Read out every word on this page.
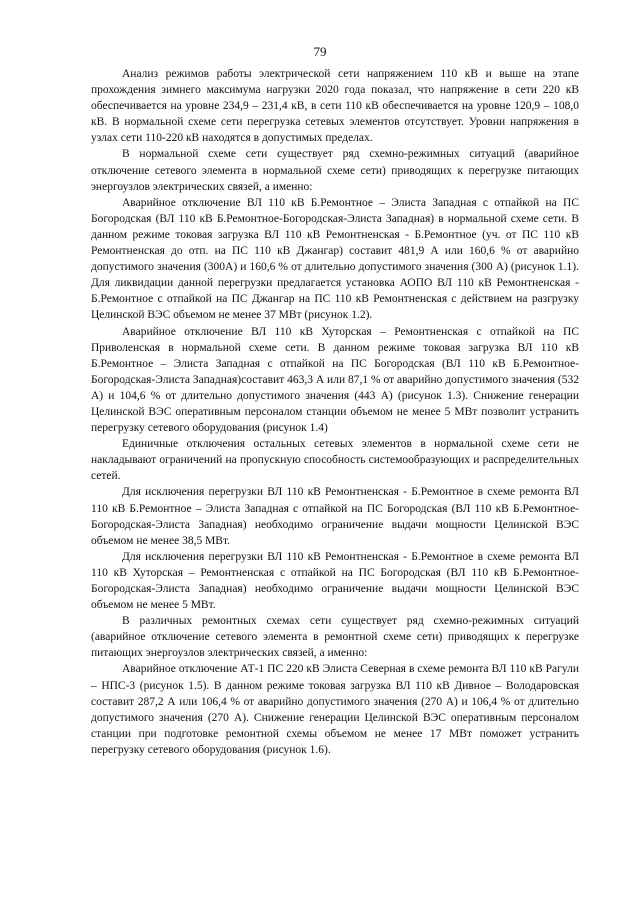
79

Анализ режимов работы электрической сети напряжением 110 кВ и выше на этапе прохождения зимнего максимума нагрузки 2020 года показал, что напряжение в сети 220 кВ обеспечивается на уровне 234,9 – 231,4 кВ, в сети 110 кВ обеспечивается на уровне 120,9 – 108,0 кВ. В нормальной схеме сети перегрузка сетевых элементов отсутствует. Уровни напряжения в узлах сети 110-220 кВ находятся в допустимых пределах.

В нормальной схеме сети существует ряд схемно-режимных ситуаций (аварийное отключение сетевого элемента в нормальной схеме сети) приводящих к перегрузке питающих энергоузлов электрических связей, а именно:

Аварийное отключение ВЛ 110 кВ Б.Ремонтное – Элиста Западная с отпайкой на ПС Богородская (ВЛ 110 кВ Б.Ремонтное-Богородская-Элиста Западная) в нормальной схеме сети. В данном режиме токовая загрузка ВЛ 110 кВ Ремонтненская - Б.Ремонтное (уч. от ПС 110 кВ Ремонтненская до отп. на ПС 110 кВ Джангар) составит 481,9 А или 160,6 % от аварийно допустимого значения (300А) и 160,6 % от длительно допустимого значения (300 А) (рисунок 1.1). Для ликвидации данной перегрузки предлагается установка АОПО ВЛ 110 кВ Ремонтненская - Б.Ремонтное с отпайкой на ПС Джангар на ПС 110 кВ Ремонтненская с действием на разгрузку Целинской ВЭС объемом не менее 37 МВт (рисунок 1.2).

Аварийное отключение ВЛ 110 кВ Хуторская – Ремонтненская с отпайкой на ПС Приволенская в нормальной схеме сети. В данном режиме токовая загрузка ВЛ 110 кВ Б.Ремонтное – Элиста Западная с отпайкой на ПС Богородская (ВЛ 110 кВ Б.Ремонтное-Богородская-Элиста Западная)составит 463,3 А или 87,1 % от аварийно допустимого значения (532 А) и 104,6 % от длительно допустимого значения (443 А) (рисунок 1.3). Снижение генерации Целинской ВЭС оперативным персоналом станции объемом не менее 5 МВт позволит устранить перегрузку сетевого оборудования (рисунок 1.4)

Единичные отключения остальных сетевых элементов в нормальной схеме сети не накладывают ограничений на пропускную способность системообразующих и распределительных сетей.

Для исключения перегрузки ВЛ 110 кВ Ремонтненская - Б.Ремонтное в схеме ремонта ВЛ 110 кВ Б.Ремонтное – Элиста Западная с отпайкой на ПС Богородская (ВЛ 110 кВ Б.Ремонтное-Богородская-Элиста Западная) необходимо ограничение выдачи мощности Целинской ВЭС объемом не менее 38,5 МВт.

Для исключения перегрузки ВЛ 110 кВ Ремонтненская - Б.Ремонтное в схеме ремонта ВЛ 110 кВ Хуторская – Ремонтненская с отпайкой на ПС Богородская (ВЛ 110 кВ Б.Ремонтное-Богородская-Элиста Западная) необходимо ограничение выдачи мощности Целинской ВЭС объемом не менее 5 МВт.

В различных ремонтных схемах сети существует ряд схемно-режимных ситуаций (аварийное отключение сетевого элемента в ремонтной схеме сети) приводящих к перегрузке питающих энергоузлов электрических связей, а именно:

Аварийное отключение АТ-1 ПС 220 кВ Элиста Северная в схеме ремонта ВЛ 110 кВ Рагули – НПС-3 (рисунок 1.5). В данном режиме токовая загрузка ВЛ 110 кВ Дивное – Володаровская составит 287,2 А или 106,4 % от аварийно допустимого значения (270 А) и 106,4 % от длительно допустимого значения (270 А). Снижение генерации Целинской ВЭС оперативным персоналом станции при подготовке ремонтной схемы объемом не менее 17 МВт поможет устранить перегрузку сетевого оборудования (рисунок 1.6).
